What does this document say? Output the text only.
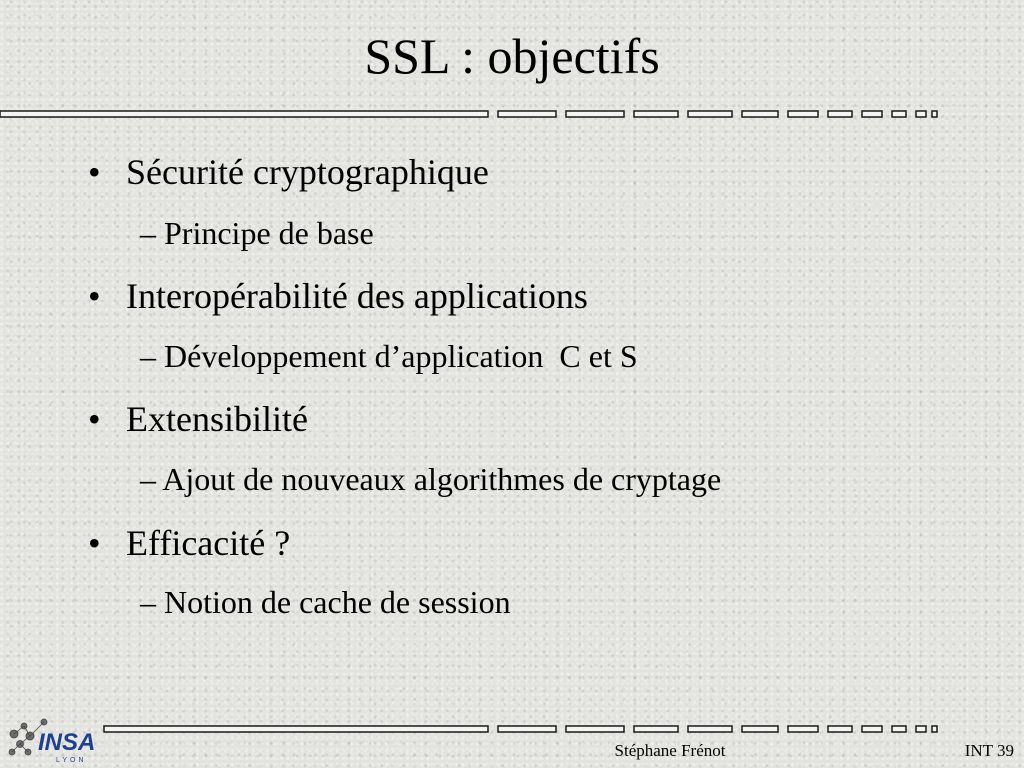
SSL : objectifs
• Sécurité cryptographique
– Principe de base
• Interopérabilité des applications
– Développement d’application  C et S
• Extensibilité
– Ajout de nouveaux algorithmes de cryptage
• Efficacité ?
– Notion de cache de session
INSA
LYON
Stéphane Frénot	INT 39
